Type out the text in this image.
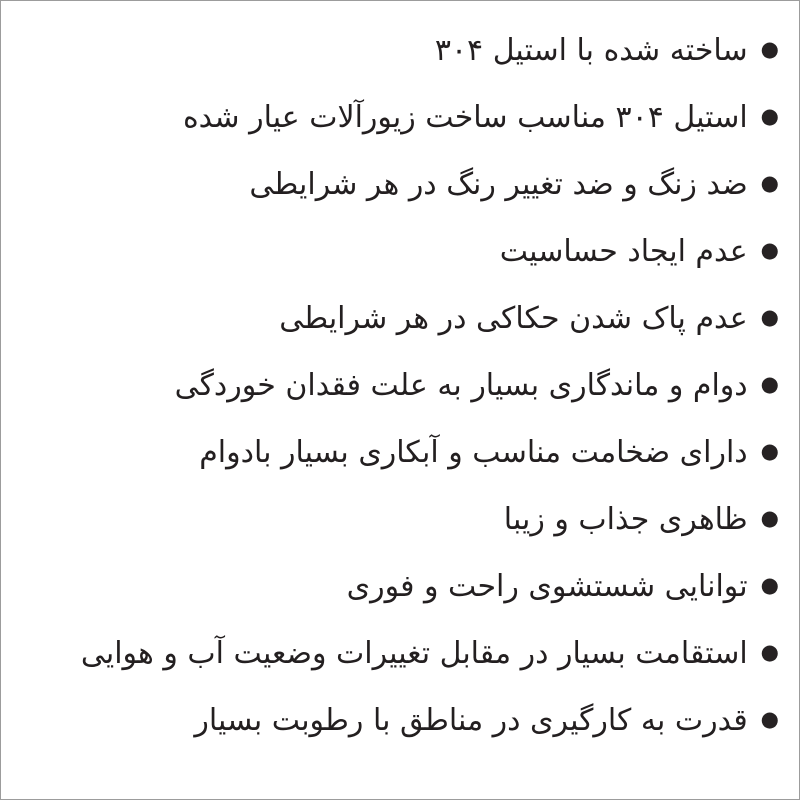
●
ساخته شده با استیل ۳۰۴
●
استیل ۳۰۴ مناسب ساخت زیورآلات عیار شده
●
ضد زنگ و ضد تغییر رنگ در هر شرایطی
●
عدم ایجاد حساسیت
●
عدم پاک شدن حکاکی در هر شرایطی
●
دوام و ماندگاری بسیار به علت فقدان خوردگی
●
دارای ضخامت مناسب و آبکاری بسیار بادوام
●
ظاهری جذاب و زیبا
●
توانایی شستشوی راحت و فوری
●
استقامت بسیار در مقابل تغییرات وضعیت آب و هوایی
●
قدرت به کارگیری در مناطق با رطوبت بسیار
